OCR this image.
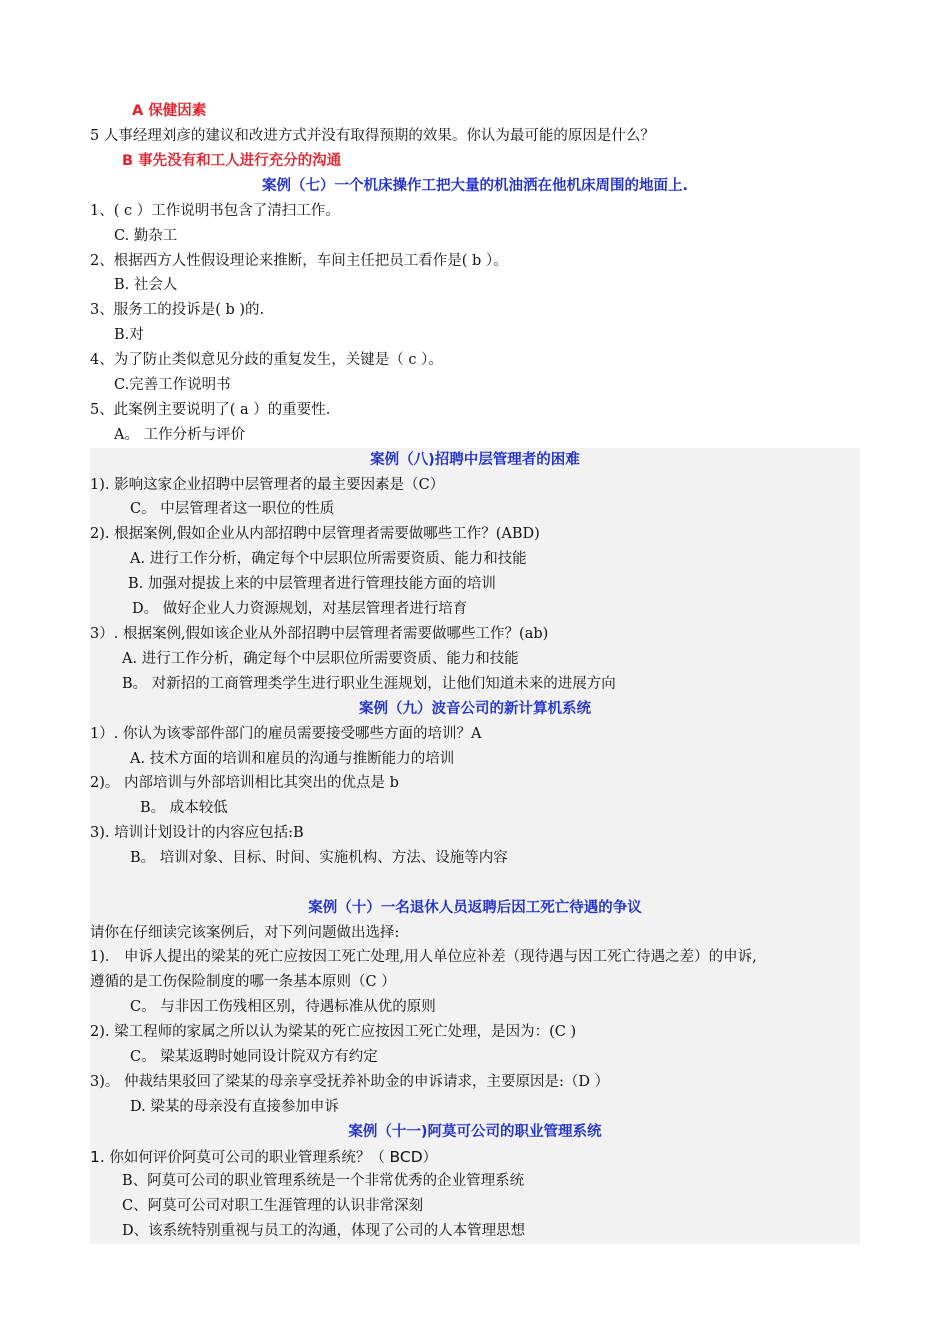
A 保健因素
5 人事经理刘彦的建议和改进方式并没有取得预期的效果。你认为最可能的原因是什么？
B 事先没有和工人进行充分的沟通
案例（七）一个机床操作工把大量的机油洒在他机床周围的地面上.
1、( c ）工作说明书包含了清扫工作。
C. 勤杂工
2、根据西方人性假设理论来推断，车间主任把员工看作是( b ）。
B. 社会人
3、服务工的投诉是( b )的.
B.对
4、为了防止类似意见分歧的重复发生，关键是（ c ）。
C.完善工作说明书
5、此案例主要说明了( a ）的重要性.
A。 工作分析与评价
案例（八)招聘中层管理者的困难
1). 影响这家企业招聘中层管理者的最主要因素是（C）
C。 中层管理者这一职位的性质
2). 根据案例,假如企业从内部招聘中层管理者需要做哪些工作？(ABD)
A. 进行工作分析，确定每个中层职位所需要资质、能力和技能
B. 加强对提拔上来的中层管理者进行管理技能方面的培训
D。 做好企业人力资源规划，对基层管理者进行培育
3）. 根据案例,假如该企业从外部招聘中层管理者需要做哪些工作？(ab)
A. 进行工作分析，确定每个中层职位所需要资质、能力和技能
B。 对新招的工商管理类学生进行职业生涯规划，让他们知道未来的进展方向
案例（九）波音公司的新计算机系统
1）. 你认为该零部件部门的雇员需要接受哪些方面的培训？A
A. 技术方面的培训和雇员的沟通与推断能力的培训
2)。 内部培训与外部培训相比其突出的优点是 b
B。 成本较低
3). 培训计划设计的内容应包括:B
B。 培训对象、目标、时间、实施机构、方法、设施等内容
案例（十）一名退休人员返聘后因工死亡待遇的争议
请你在仔细读完该案例后，对下列问题做出选择:
1)． 申诉人提出的梁某的死亡应按因工死亡处理,用人单位应补差（现待遇与因工死亡待遇之差）的申诉,
遵循的是工伤保险制度的哪一条基本原则（C ）
C。 与非因工伤残相区别，待遇标准从优的原则
2). 梁工程师的家属之所以认为梁某的死亡应按因工死亡处理，是因为：(C )
C。 梁某返聘时她同设计院双方有约定
3)。 仲裁结果驳回了梁某的母亲享受抚养补助金的申诉请求，主要原因是:（D ）
D. 梁某的母亲没有直接参加申诉
案例（十一)阿莫可公司的职业管理系统
1. 你如何评价阿莫可公司的职业管理系统？（ BCD）
B、阿莫可公司的职业管理系统是一个非常优秀的企业管理系统
C、阿莫可公司对职工生涯管理的认识非常深刻
D、该系统特别重视与员工的沟通，体现了公司的人本管理思想
